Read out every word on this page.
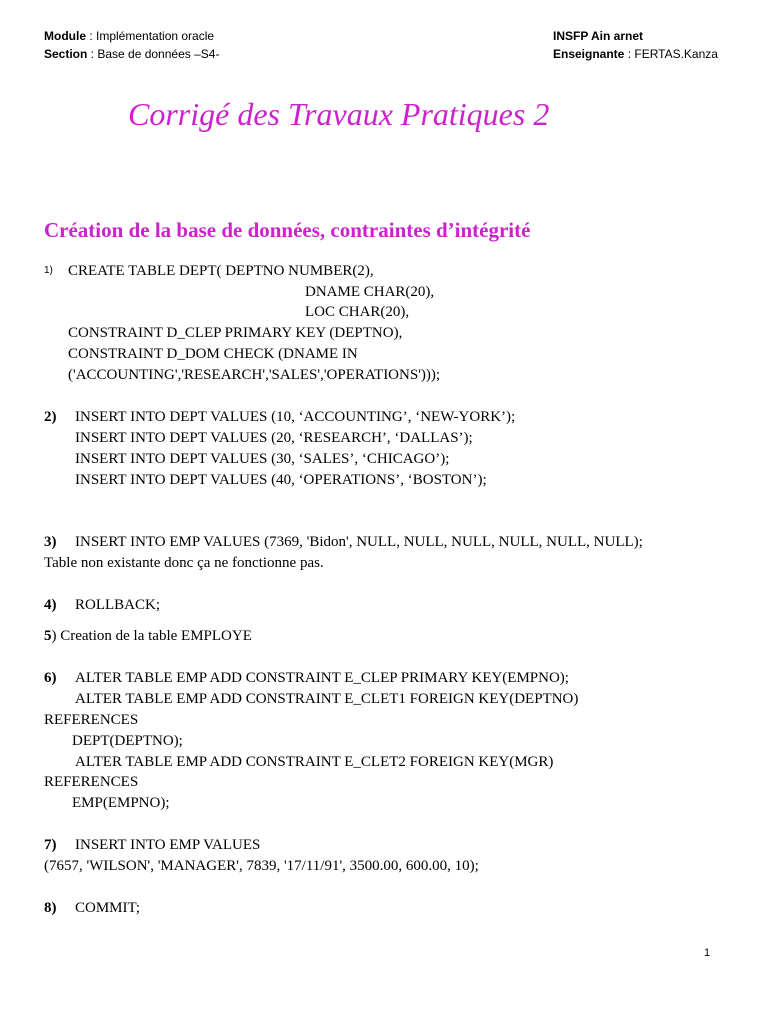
Module : Implémentation oracle
Section : Base de données –S4-
INSFP Ain arnet
Enseignante : FERTAS.Kanza
Corrigé des Travaux Pratiques 2
Création de la base de données, contraintes d’intégrité
1) CREATE TABLE DEPT( DEPTNO NUMBER(2),
DNAME CHAR(20),
LOC CHAR(20),
CONSTRAINT D_CLEP PRIMARY KEY (DEPTNO),
CONSTRAINT D_DOM CHECK (DNAME IN
('ACCOUNTING','RESEARCH','SALES','OPERATIONS')));
2) INSERT INTO DEPT VALUES (10, ‘ACCOUNTING’, ‘NEW-YORK’);
INSERT INTO DEPT VALUES (20, ‘RESEARCH’, ‘DALLAS’);
INSERT INTO DEPT VALUES (30, ‘SALES’, ‘CHICAGO’);
INSERT INTO DEPT VALUES (40, ‘OPERATIONS’, ‘BOSTON’);
3) INSERT INTO EMP VALUES (7369, 'Bidon', NULL, NULL, NULL, NULL, NULL, NULL);
Table non existante donc ça ne fonctionne pas.
4) ROLLBACK;
5) Creation de la table EMPLOYE
6) ALTER TABLE EMP ADD CONSTRAINT E_CLEP PRIMARY KEY(EMPNO);
ALTER TABLE EMP ADD CONSTRAINT E_CLET1 FOREIGN KEY(DEPTNO)
REFERENCES
DEPT(DEPTNO);
ALTER TABLE EMP ADD CONSTRAINT E_CLET2 FOREIGN KEY(MGR)
REFERENCES
EMP(EMPNO);
7) INSERT INTO EMP VALUES
(7657, 'WILSON', 'MANAGER', 7839, '17/11/91', 3500.00, 600.00, 10);
8) COMMIT;
1
